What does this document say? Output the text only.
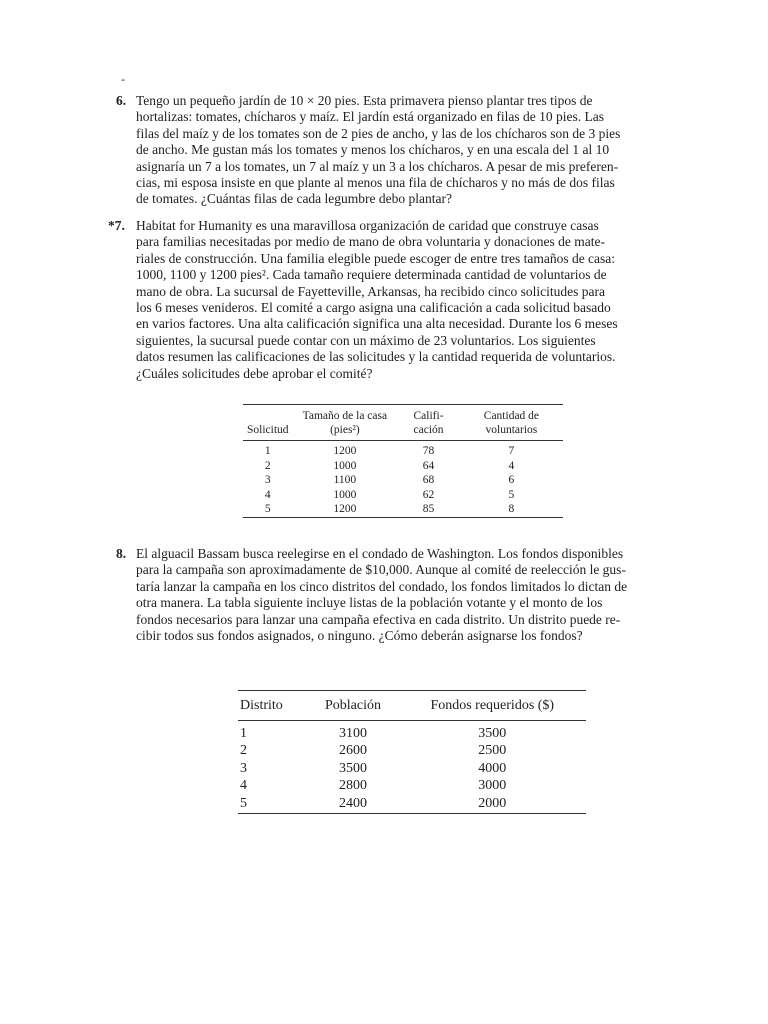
-
6. Tengo un pequeño jardín de 10 × 20 pies. Esta primavera pienso plantar tres tipos de
hortalizas: tomates, chícharos y maíz. El jardín está organizado en filas de 10 pies. Las
filas del maíz y de los tomates son de 2 pies de ancho, y las de los chícharos son de 3 pies
de ancho. Me gustan más los tomates y menos los chícharos, y en una escala del 1 al 10
asignaría un 7 a los tomates, un 7 al maíz y un 3 a los chícharos. A pesar de mis preferen-
cias, mi esposa insiste en que plante al menos una fila de chícharos y no más de dos filas
de tomates. ¿Cuántas filas de cada legumbre debo plantar?
*7. Habitat for Humanity es una maravillosa organización de caridad que construye casas
para familias necesitadas por medio de mano de obra voluntaria y donaciones de mate-
riales de construcción. Una familia elegible puede escoger de entre tres tamaños de casa:
1000, 1100 y 1200 pies². Cada tamaño requiere determinada cantidad de voluntarios de
mano de obra. La sucursal de Fayetteville, Arkansas, ha recibido cinco solicitudes para
los 6 meses venideros. El comité a cargo asigna una calificación a cada solicitud basado
en varios factores. Una alta calificación significa una alta necesidad. Durante los 6 meses
siguientes, la sucursal puede contar con un máximo de 23 voluntarios. Los siguientes
datos resumen las calificaciones de las solicitudes y la cantidad requerida de voluntarios.
¿Cuáles solicitudes debe aprobar el comité?
Solicitud	Tamaño de la casa (pies²)	Califi- cación	Cantidad de voluntarios
1	1200	78	7
2	1000	64	4
3	1100	68	6
4	1000	62	5
5	1200	85	8
8. El alguacil Bassam busca reelegirse en el condado de Washington. Los fondos disponibles
para la campaña son aproximadamente de $10,000. Aunque al comité de reelección le gus-
taría lanzar la campaña en los cinco distritos del condado, los fondos limitados lo dictan de
otra manera. La tabla siguiente incluye listas de la población votante y el monto de los
fondos necesarios para lanzar una campaña efectiva en cada distrito. Un distrito puede re-
cibir todos sus fondos asignados, o ninguno. ¿Cómo deberán asignarse los fondos?
Distrito	Población	Fondos requeridos ($)
1	3100	3500
2	2600	2500
3	3500	4000
4	2800	3000
5	2400	2000
